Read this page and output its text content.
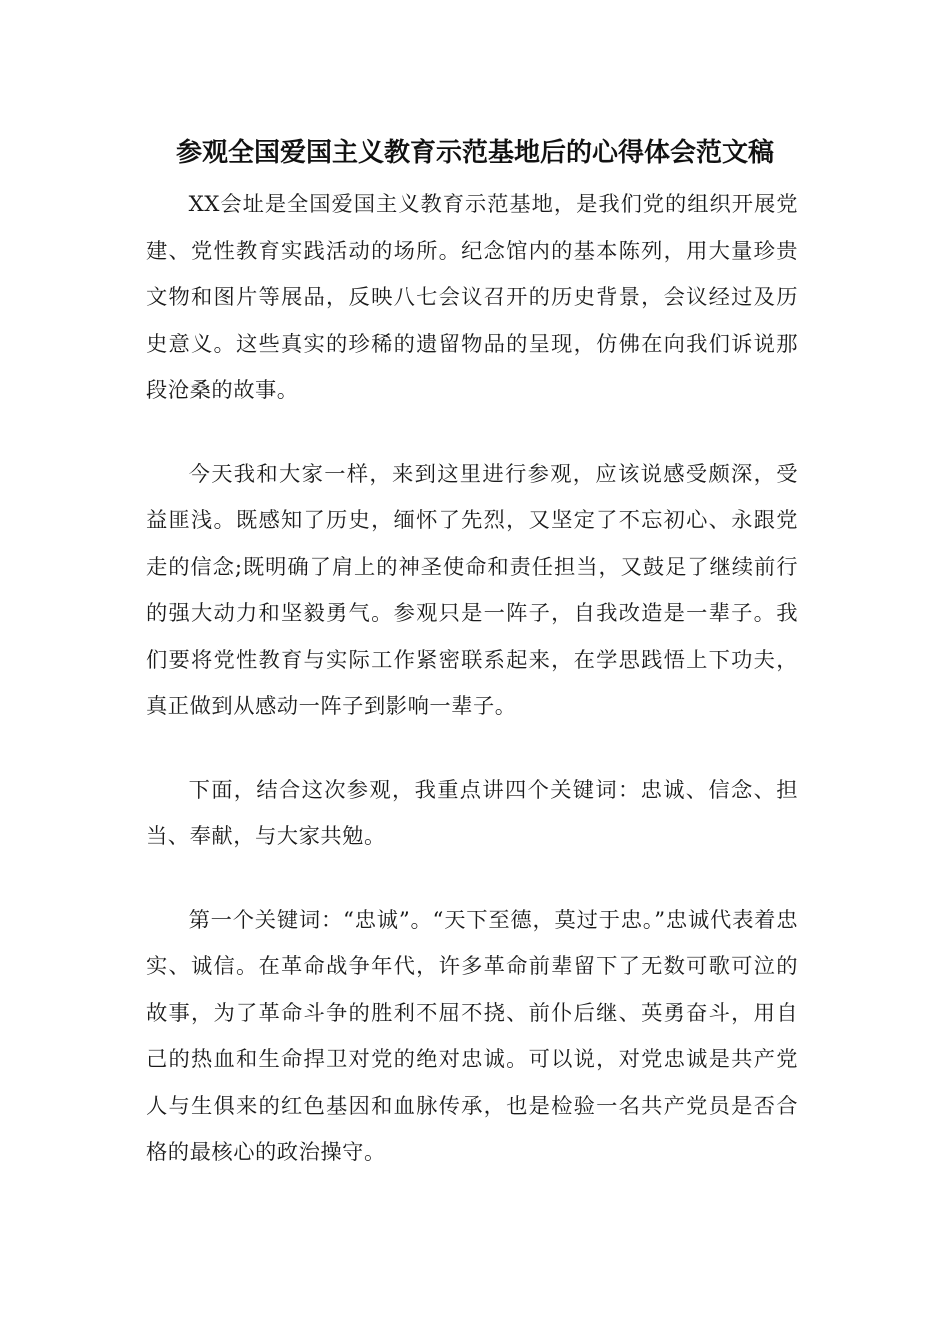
参观全国爱国主义教育示范基地后的心得体会范文稿

XX会址是全国爱国主义教育示范基地，是我们党的组织开展党建、党性教育实践活动的场所。纪念馆内的基本陈列，用大量珍贵文物和图片等展品，反映八七会议召开的历史背景，会议经过及历史意义。这些真实的珍稀的遗留物品的呈现，仿佛在向我们诉说那段沧桑的故事。

今天我和大家一样，来到这里进行参观，应该说感受颇深，受益匪浅。既感知了历史，缅怀了先烈，又坚定了不忘初心、永跟党走的信念;既明确了肩上的神圣使命和责任担当，又鼓足了继续前行的强大动力和坚毅勇气。参观只是一阵子，自我改造是一辈子。我们要将党性教育与实际工作紧密联系起来，在学思践悟上下功夫，真正做到从感动一阵子到影响一辈子。

下面，结合这次参观，我重点讲四个关键词：忠诚、信念、担当、奉献，与大家共勉。

第一个关键词：“忠诚”。“天下至德，莫过于忠。”忠诚代表着忠实、诚信。在革命战争年代，许多革命前辈留下了无数可歌可泣的故事，为了革命斗争的胜利不屈不挠、前仆后继、英勇奋斗，用自己的热血和生命捍卫对党的绝对忠诚。可以说，对党忠诚是共产党人与生俱来的红色基因和血脉传承，也是检验一名共产党员是否合格的最核心的政治操守。
